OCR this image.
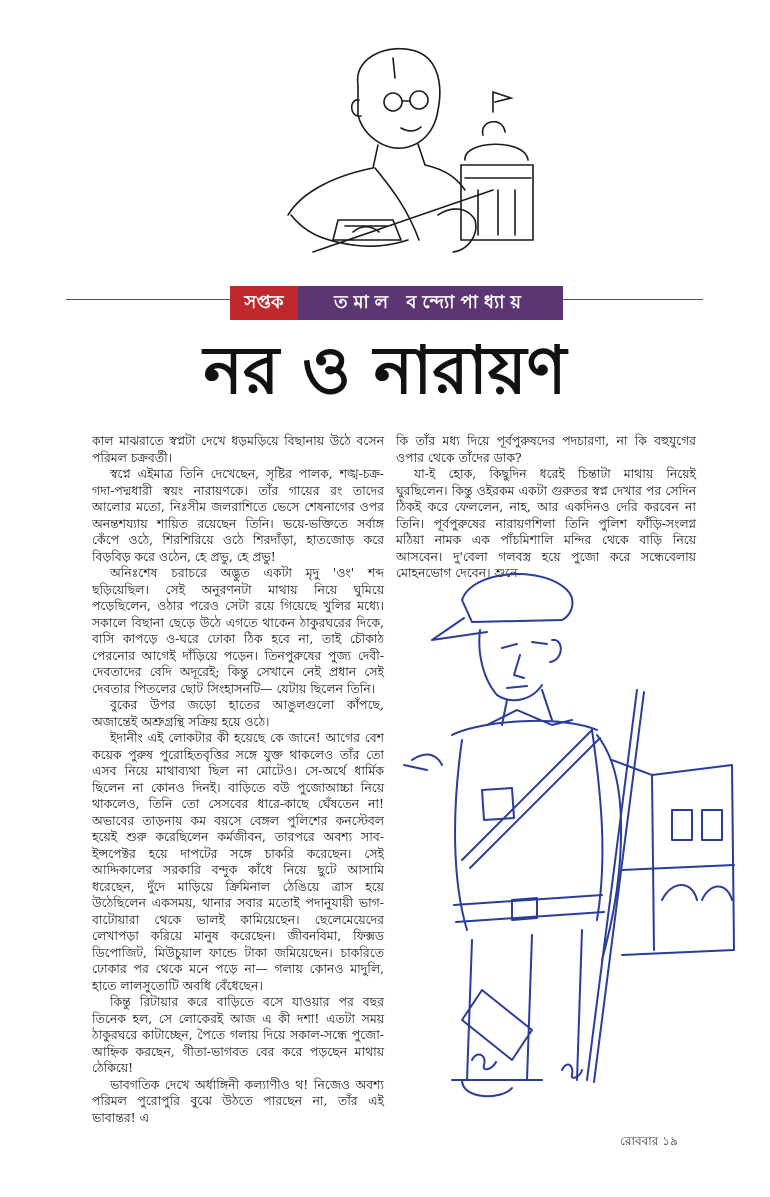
সপ্তক	তমাল বন্দ্যোপাধ্যায়
নর ও নারায়ণ

কাল মাঝরাতে স্বপ্নটা দেখে ধড়মড়িয়ে বিছানায় উঠে বসেন পরিমল চক্রবর্তী।

স্বপ্নে এইমাত্র তিনি দেখেছেন, সৃষ্টির পালক, শঙ্খ-চক্র-গদা-পদ্মধারী স্বয়ং নারায়ণকে। তাঁর গায়ের রং তাদের আলোর মতো, নিঃসীম জলরাশিতে ভেসে শেষনাগের ওপর অনন্তশয্যায় শায়িত রয়েছেন তিনি। ভয়ে-ভক্তিতে সর্বাঙ্গ কেঁপে ওঠে, শিরশিরিয়ে ওঠে শিরদাঁড়া, হাতজোড় করে বিড়বিড় করে ওঠেন, হে প্রভু, হে প্রভু!

অনিঃশেষ চরাচরে অদ্ভুত একটা মৃদু 'ওং' শব্দ ছড়িয়েছিল। সেই অনুরণনটা মাথায় নিয়ে ঘুমিয়ে পড়েছিলেন, ওঠার পরেও সেটা রয়ে গিয়েছে খুলির মধ্যে। সকালে বিছানা ছেড়ে উঠে এগতে থাকেন ঠাকুরঘরের দিকে, বাসি কাপড়ে ও-ঘরে ঢোকা ঠিক হবে না, তাই চৌকাঠ পেরনোর আগেই দাঁড়িয়ে পড়েন। তিনপুরুষের পুজ্য দেবী-দেবতাদের বেদি অদূরেই; কিন্তু সেখানে নেই প্রধান সেই দেবতার পিতলের ছোট সিংহাসনটি— যেটায় ছিলেন তিনি।

বুকের উপর জড়ো হাতের আঙুলগুলো কাঁপছে, অজান্তেই অশ্রুগ্রন্থি সক্রিয় হয়ে ওঠে।

ইদানীং এই লোকটার কী হয়েছে কে জানে! আগের বেশ কয়েক পুরুষ পুরোহিতবৃত্তির সঙ্গে যুক্ত থাকলেও তাঁর তো এসব নিয়ে মাথাব্যথা ছিল না মোটেও। সে-অর্থে ধার্মিক ছিলেন না কোনও দিনই। বাড়িতে বউ পুজোআচ্চা নিয়ে থাকলেও, তিনি তো সেসবের ধারে-কাছে ঘেঁষতেন না! অভাবের তাড়নায় কম বয়সে বেঙ্গল পুলিশের কনস্টেবল হয়েই শুরু করেছিলেন কর্মজীবন, তারপরে অবশ্য সাব-ইন্সপেক্টর হয়ে দাপটের সঙ্গে চাকরি করেছেন। সেই আদ্দিকালের সরকারি বন্দুক কাঁধে নিয়ে ছুটে আসামি ধরেছেন, দুঁদে মাড়িয়ে ক্রিমিনাল ঠেঙিয়ে ত্রাস হয়ে উঠেছিলেন একসময়, থানার সবার মতোই পদানুযায়ী ভাগ-বাটোয়ারা থেকে ভালই কামিয়েছেন। ছেলেমেয়েদের লেখাপড়া করিয়ে মানুষ করেছেন। জীবনবিমা, ফিক্সড ডিপোজিট, মিউচুয়াল ফান্ডে টাকা জমিয়েছেন। চাকরিতে ঢোকার পর থেকে মনে পড়ে না— গলায় কোনও মাদুলি, হাতে লালসুতোটি অবধি বেঁধেছেন।

কিন্তু রিটায়ার করে বাড়িতে বসে যাওয়ার পর বছর তিনেক হল, সে লোকেরই আজ এ কী দশা! এতটা সময় ঠাকুরঘরে কাটাচ্ছেন, পৈতে গলায় দিয়ে সকাল-সন্ধে পুজো-আহ্নিক করছেন, গীতা-ভাগবত বের করে পড়ছেন মাথায় ঠেকিয়ে!

ভাবগতিক দেখে অর্ধাঙ্গিনী কল্যাণীও থ! নিজেও অবশ্য পরিমল পুরোপুরি বুঝে উঠতে পারছেন না, তাঁর এই ভাবান্তর! এ

কি তাঁর মধ্য দিয়ে পূর্বপুরুষদের পদচারণা, না কি বহুযুগের ওপার থেকে তাঁদের ডাক?

যা-ই হোক, কিছুদিন ধরেই চিন্তাটা মাথায় নিয়েই ঘুরছিলেন। কিন্তু ওইরকম একটা গুরুতর স্বপ্ন দেখার পর সেদিন ঠিকই করে ফেললেন, নাহ, আর একদিনও দেরি করবেন না তিনি। পূর্বপুরুষের নারায়ণশিলা তিনি পুলিশ ফাঁড়ি-সংলগ্ন মঠিয়া নামক এক পাঁচমিশালি মন্দির থেকে বাড়ি নিয়ে আসবেন। দু'বেলা গলবস্ত্র হয়ে পুজো করে সন্ধেবেলায় মোহনভোগ দেবেন। শুনে

রোববার ১৯
